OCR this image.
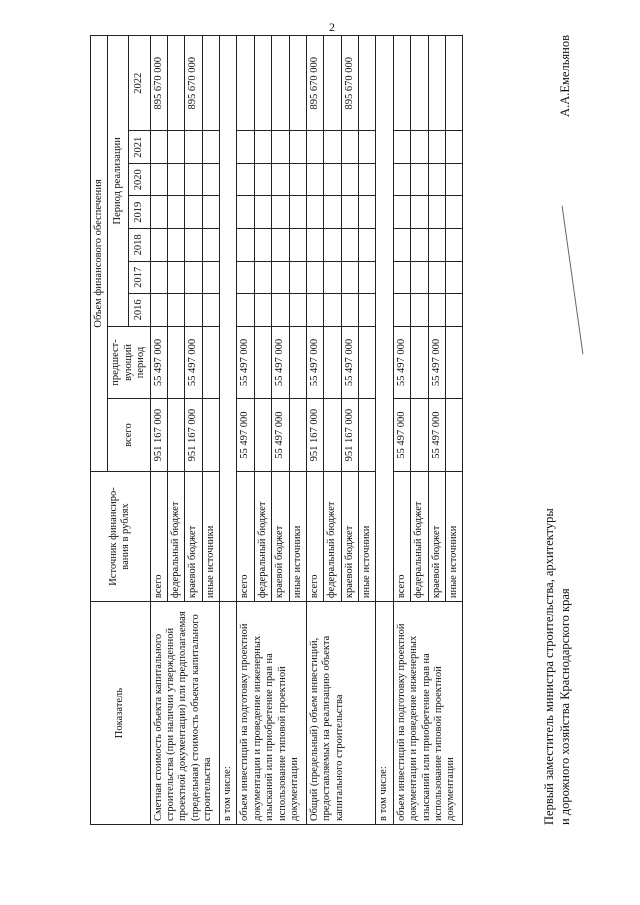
2
Показатель	Источник финансиро-вания в рублях	Объем финансового обеспечения								
		всего	предшест-вующий период	Период реализации						
				2016	2017	2018	2019	2020	2021	2022
Сметная стоимость объекта капитального строительства (при наличии утвержденной проектной документации) или предполагаемая (предельная) стоимость объекта капитального строительства	всего	951 167 000	55 497 000							895 670 000
	федеральный бюджет									
	краевой бюджет	951 167 000	55 497 000							895 670 000
	иные источники									
в том числе:										
объем инвестиций на подготовку проектной документации и проведение инженерных изысканий или приобретение прав на использование типовой проектной документации	всего	55 497 000	55 497 000							
	федеральный бюджет									
	краевой бюджет	55 497 000	55 497 000							
	иные источники									
Общий (предельный) объем инвестиций, предоставляемых на реализацию объекта капитального строительства	всего	951 167 000	55 497 000							895 670 000
	федеральный бюджет									
	краевой бюджет	951 167 000	55 497 000							895 670 000
	иные источники									
в том числе:										
объем инвестиций на подготовку проектной документации и проведение инженерных изысканий или приобретение прав на использование типовой проектной документации	всего	55 497 000	55 497 000							
	федеральный бюджет									
	краевой бюджет	55 497 000	55 497 000							
	иные источники										Первый заместитель министра строительства, архитектуры и дорожного хозяйства Краснодарского края
А.А.Емельянов
